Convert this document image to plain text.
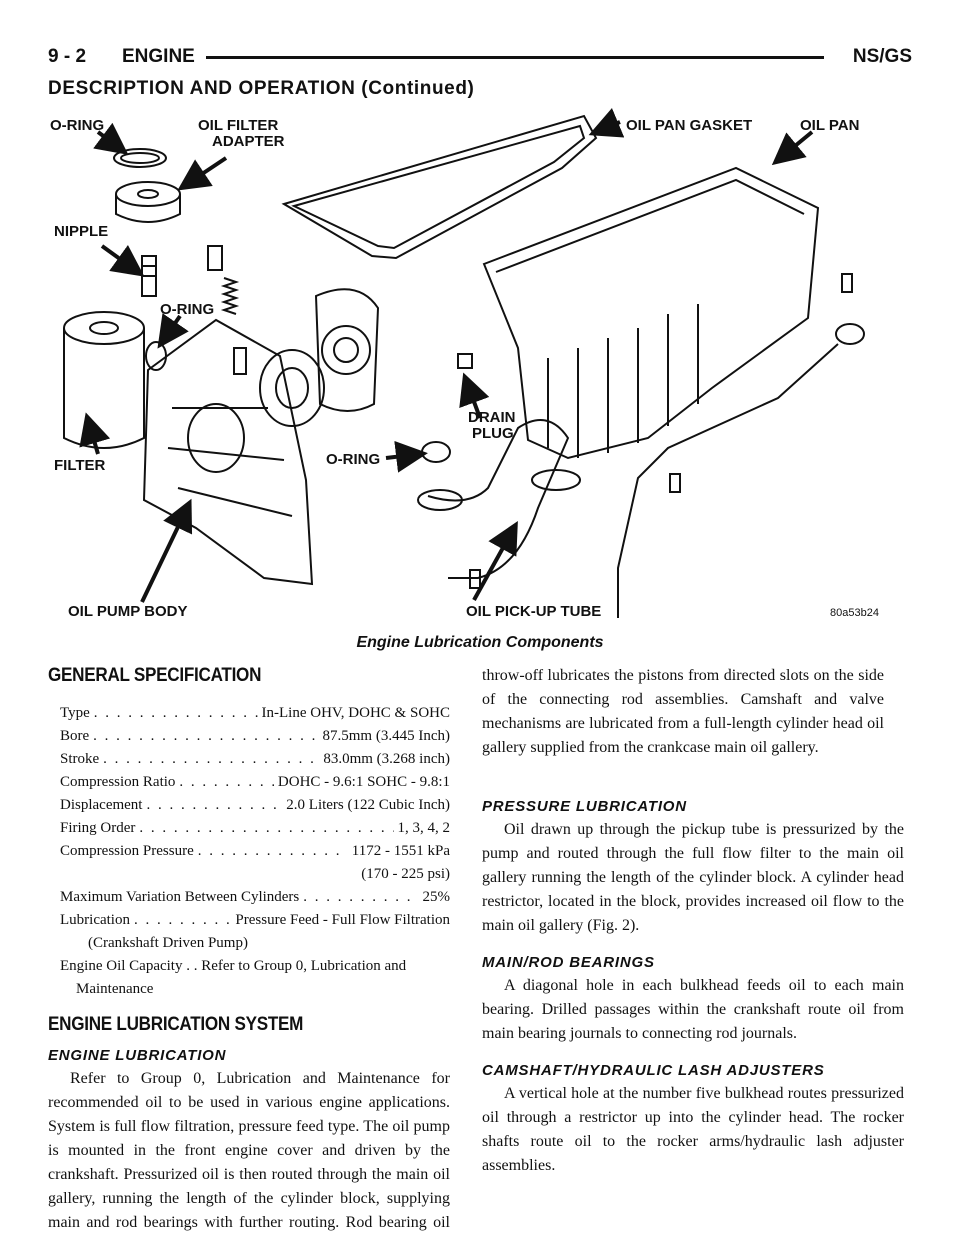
9 - 2 ENGINE	NS/GS
DESCRIPTION AND OPERATION (Continued)
O-RING	OIL FILTER
ADAPTER
NIPPLE
O-RING
FILTER
OIL PUMP BODY
OIL PAN GASKET	OIL PAN
DRAIN
PLUG
O-RING
OIL PICK-UP TUBE	80a53b24
Engine Lubrication Components
GENERAL SPECIFICATION
Type . . .	In-Line OHV, DOHC & SOHC
Bore . . .	87.5mm (3.445 Inch)
Stroke . . .	83.0mm (3.268 inch)
Compression Ratio . . .	DOHC - 9.6:1 SOHC - 9.8:1
Displacement . . .	2.0 Liters (122 Cubic Inch)
Firing Order . . .	1, 3, 4, 2
Compression Pressure . . .	1172 - 1551 kPa
(170 - 225 psi)
Maximum Variation Between Cylinders . . .	25%
Lubrication . . .	Pressure Feed - Full Flow Filtration
(Crankshaft Driven Pump)
Engine Oil Capacity . . Refer to Group 0, Lubrication and Maintenance
ENGINE LUBRICATION SYSTEM
ENGINE LUBRICATION

Refer to Group 0, Lubrication and Maintenance for recommended oil to be used in various engine applications. System is full flow filtration, pressure feed type. The oil pump is mounted in the front engine cover and driven by the crankshaft. Pressurized oil is then routed through the main oil gallery, running the length of the cylinder block, supplying main and rod bearings with further routing. Rod bearing oil

throw-off lubricates the pistons from directed slots on the side of the connecting rod assemblies. Camshaft and valve mechanisms are lubricated from a full-length cylinder head oil gallery supplied from the crankcase main oil gallery.

PRESSURE LUBRICATION

Oil drawn up through the pickup tube is pressurized by the pump and routed through the full flow filter to the main oil gallery running the length of the cylinder block. A cylinder head restrictor, located in the block, provides increased oil flow to the main oil gallery (Fig. 2).

MAIN/ROD BEARINGS

A diagonal hole in each bulkhead feeds oil to each main bearing. Drilled passages within the crankshaft route oil from main bearing journals to connecting rod journals.

CAMSHAFT/HYDRAULIC LASH ADJUSTERS

A vertical hole at the number five bulkhead routes pressurized oil through a restrictor up into the cylinder head. The rocker shafts route oil to the rocker arms/hydraulic lash adjuster assemblies.
